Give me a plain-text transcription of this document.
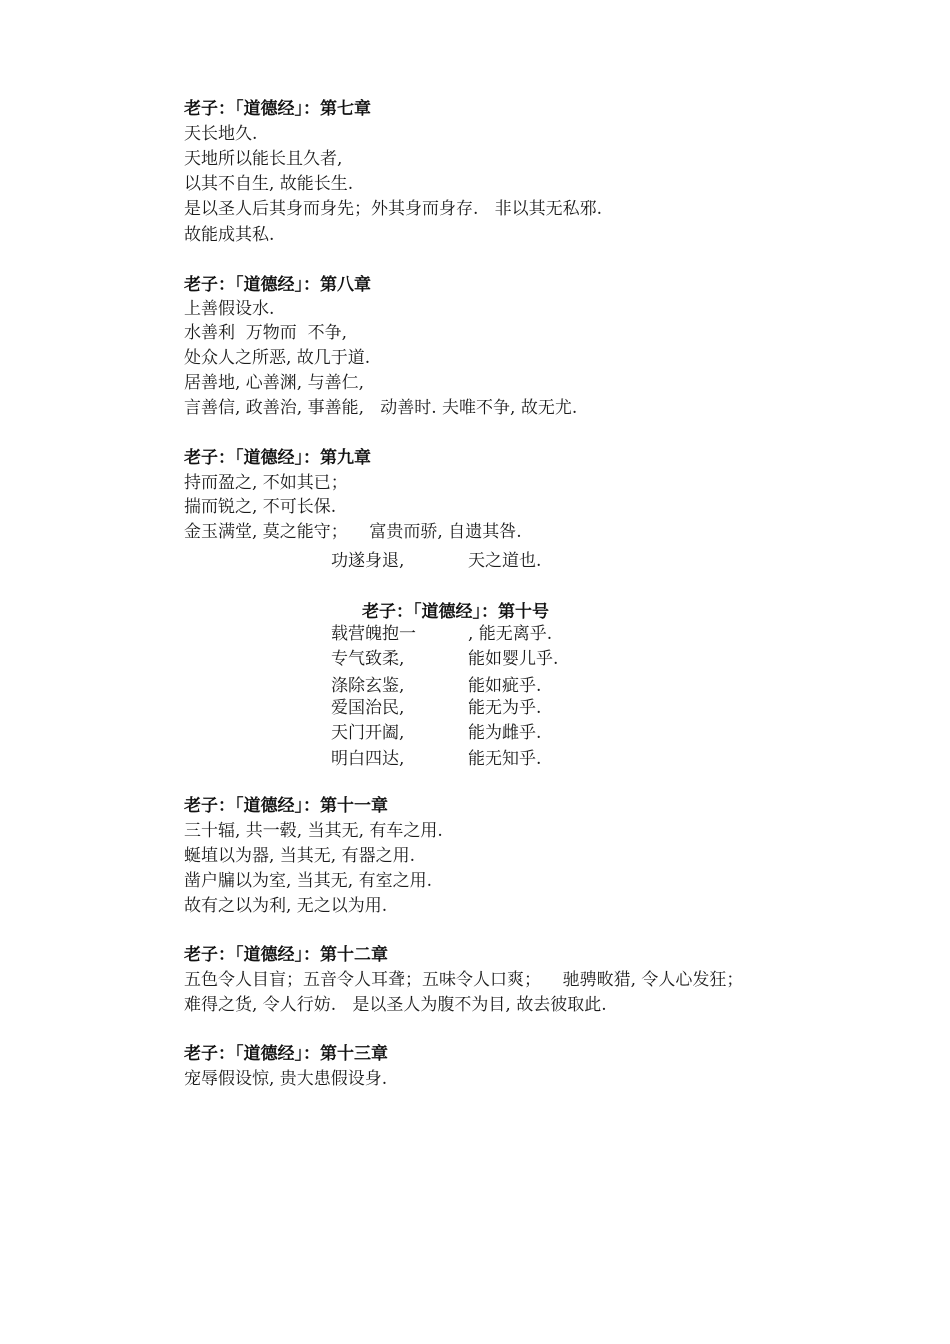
老子：「道德经」：第七章
天长地久.
天地所以能长且久者,
以其不自生, 故能长生.
是以圣人后其身而身先；外其身而身存.   非以其无私邪.
故能成其私.
老子：「道德经」：第八章
上善假设水.
水善利  万物而  不争,
处众人之所恶, 故几于道.
居善地, 心善渊, 与善仁,
言善信, 政善治, 事善能,   动善时. 夫唯不争, 故无尤.
老子：「道德经」：第九章
持而盈之, 不如其已；
揣而锐之, 不可长保.
金玉满堂, 莫之能守；    富贵而骄, 自遗其咎.
功遂身退,	天之道也.
老子：「道德经」：第十号
载营魄抱一	, 能无离乎.
专气致柔,	能如婴儿乎.
涤除玄鉴,	能如疵乎.
爱国治民,	能无为乎.
天门开阖,	能为雌乎.
明白四达,	能无知乎.
老子：「道德经」：第十一章
三十辐, 共一毂, 当其无, 有车之用.
蜒埴以为器, 当其无, 有器之用.
凿户牖以为室, 当其无, 有室之用.
故有之以为利, 无之以为用.
老子：「道德经」：第十二章
五色令人目盲；五音令人耳聋；五味令人口爽；    驰骋畋猎, 令人心发狂；
难得之货, 令人行妨.   是以圣人为腹不为目, 故去彼取此.
老子：「道德经」：第十三章
宠辱假设惊, 贵大患假设身.
